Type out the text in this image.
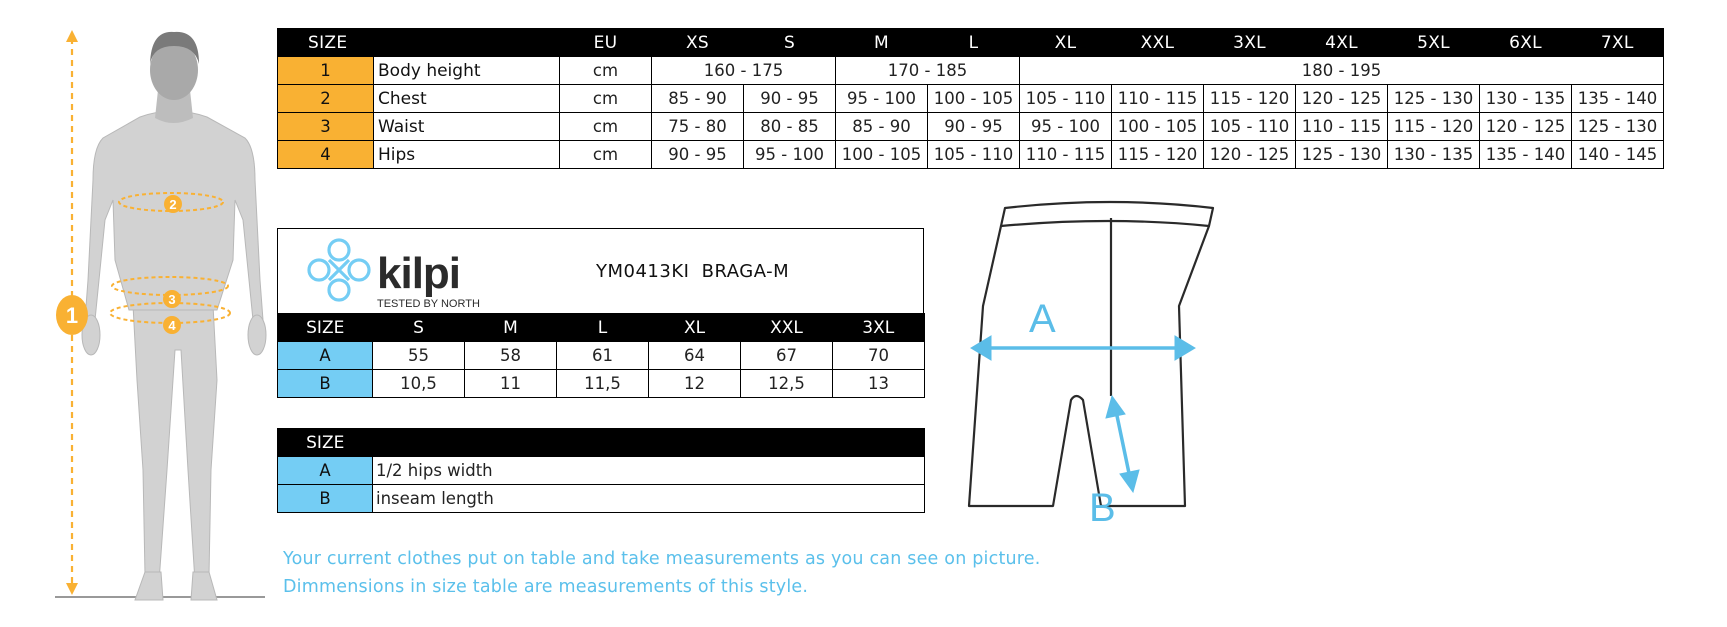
1
2
3
4
SIZE		EU	XS	S	M	L	XL	XXL	3XL	4XL	5XL	6XL	7XL
1	Body height	cm	160 - 175		170 - 185		180 - 195						
2	Chest	cm	85 - 90	90 - 95	95 - 100	100 - 105	105 - 110	110 - 115	115 - 120	120 - 125	125 - 130	130 - 135	135 - 140
3	Waist	cm	75 - 80	80 - 85	85 - 90	90 - 95	95 - 100	100 - 105	105 - 110	110 - 115	115 - 120	120 - 125	125 - 130
4	Hips	cm	90 - 95	95 - 100	100 - 105	105 - 110	110 - 115	115 - 120	120 - 125	125 - 130	130 - 135	135 - 140	140 - 145
kilpi
TESTED BY NORTH
YM0413KI BRAGA-M
SIZE	S	M	L	XL	XXL	3XL
A	55	58	61	64	67	70
B	10,5	11	11,5	12	12,5	13
SIZE	
A	1/2 hips width
B	inseam length
A
B
Your current clothes put on table and take measurements as you can see on picture.
Dimmensions in size table are measurements of this style.
